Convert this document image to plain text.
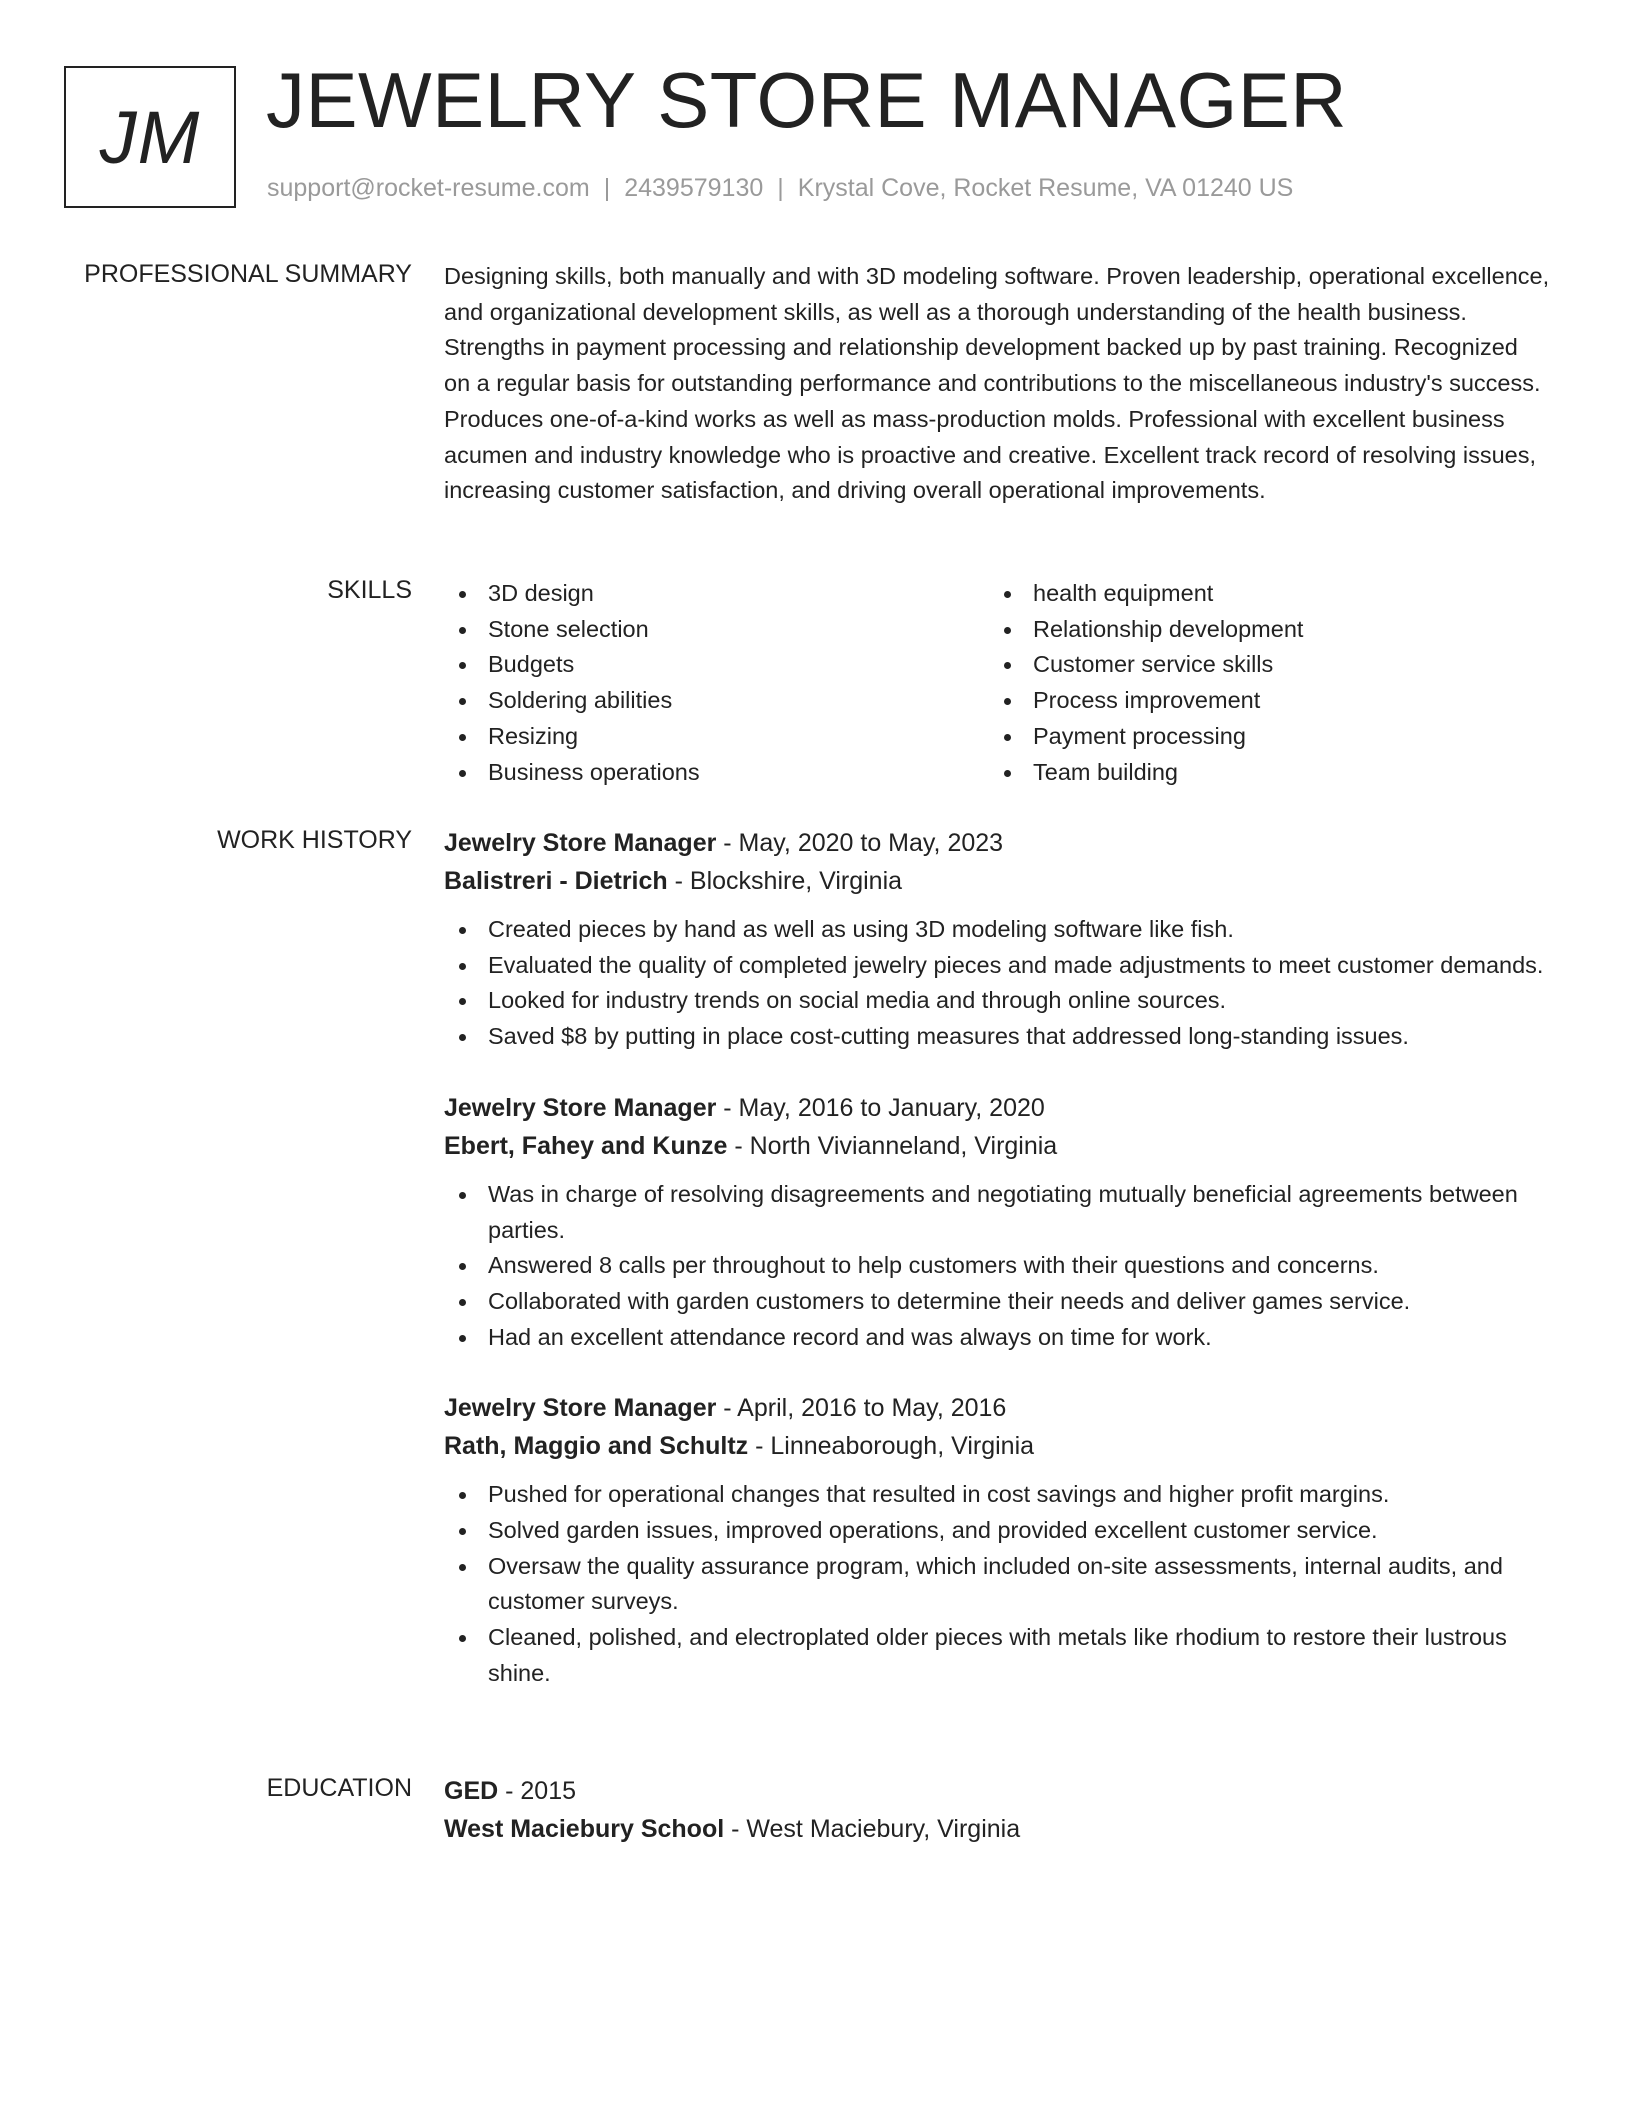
JM JEWELRY STORE MANAGER
support@rocket-resume.com | 2439579130 | Krystal Cove, Rocket Resume, VA 01240 US
PROFESSIONAL SUMMARY Designing skills, both manually and with 3D modeling software. Proven leadership, operational excellence, and organizational development skills, as well as a thorough understanding of the health business. Strengths in payment processing and relationship development backed up by past training. Recognized on a regular basis for outstanding performance and contributions to the miscellaneous industry's success. Produces one-of-a-kind works as well as mass-production molds. Professional with excellent business acumen and industry knowledge who is proactive and creative. Excellent track record of resolving issues, increasing customer satisfaction, and driving overall operational improvements.

SKILLS	3D design
Stone selection
Budgets
Soldering abilities
Resizing
Business operations
health equipment
Relationship development
Customer service skills
Process improvement
Payment processing
Team building
WORK HISTORY Jewelry Store Manager - May, 2020 to May, 2023
Balistreri - Dietrich - Blockshire, Virginia
Created pieces by hand as well as using 3D modeling software like fish.
Evaluated the quality of completed jewelry pieces and made adjustments to meet customer demands.
Looked for industry trends on social media and through online sources.
Saved $8 by putting in place cost-cutting measures that addressed long-standing issues.
Jewelry Store Manager - May, 2016 to January, 2020
Ebert, Fahey and Kunze - North Vivianneland, Virginia
Was in charge of resolving disagreements and negotiating mutually beneficial agreements between parties.
Answered 8 calls per throughout to help customers with their questions and concerns.
Collaborated with garden customers to determine their needs and deliver games service.
Had an excellent attendance record and was always on time for work.
Jewelry Store Manager - April, 2016 to May, 2016
Rath, Maggio and Schultz - Linneaborough, Virginia
Pushed for operational changes that resulted in cost savings and higher profit margins.
Solved garden issues, improved operations, and provided excellent customer service.
Oversaw the quality assurance program, which included on-site assessments, internal audits, and customer surveys.
Cleaned, polished, and electroplated older pieces with metals like rhodium to restore their lustrous shine.
EDUCATION GED - 2015
West Maciebury School - West Maciebury, Virginia
